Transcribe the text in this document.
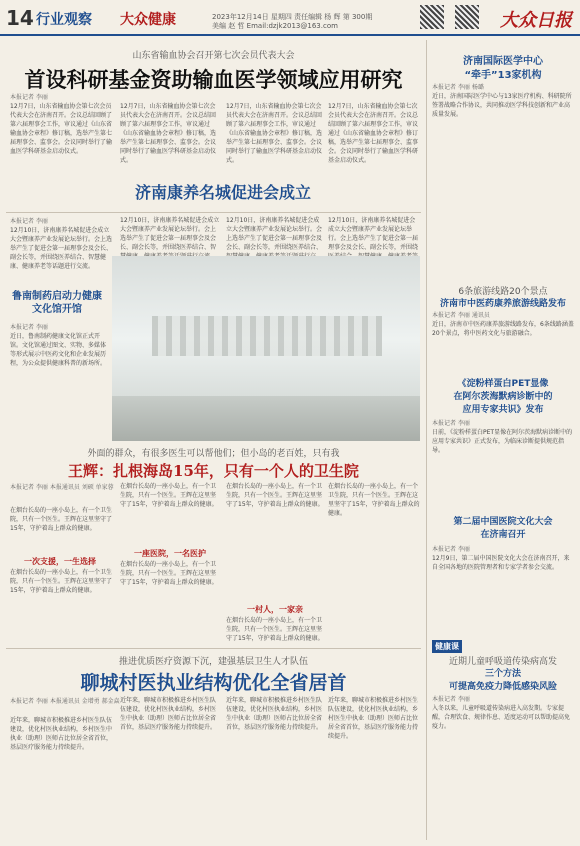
14 行业观察 大众健康	2023年12月14日 星期四 责任编辑 杨 辉 第 300期
美编 赵 哲 Email:dzjk2013@163.com	大众日报
山东省输血协会召开第七次会员代表大会
首设科研基金资助输血医学领域应用研究
本报记者 李丽
12月7日，山东省输血协会第七次会员代表大会在济南召开。会议总结回顾了第六届理事会工作，审议通过《山东省输血协会章程》修订稿，选举产生第七届理事会、监事会。会议同时举行了输血医学科研基金启动仪式。
12月7日，山东省输血协会第七次会员代表大会在济南召开。会议总结回顾了第六届理事会工作，审议通过《山东省输血协会章程》修订稿，选举产生第七届理事会、监事会。会议同时举行了输血医学科研基金启动仪式。
12月7日，山东省输血协会第七次会员代表大会在济南召开。会议总结回顾了第六届理事会工作，审议通过《山东省输血协会章程》修订稿，选举产生第七届理事会、监事会。会议同时举行了输血医学科研基金启动仪式。
12月7日，山东省输血协会第七次会员代表大会在济南召开。会议总结回顾了第六届理事会工作，审议通过《山东省输血协会章程》修订稿，选举产生第七届理事会、监事会。会议同时举行了输血医学科研基金启动仪式。
济南康养名城促进会成立
本报记者 李丽
12月10日，济南康养名城促进会成立大会暨康养产业发展论坛举行。会上选举产生了促进会第一届理事会及会长、副会长等，并围绕医养结合、智慧健康、健康养老等话题进行交流。
12月10日，济南康养名城促进会成立大会暨康养产业发展论坛举行。会上选举产生了促进会第一届理事会及会长、副会长等，并围绕医养结合、智
12月10日，济南康养名城促进会成立大会暨康养产业发展论坛举行。会上选举产生了促进会第一届理事会及会长、副会长等，并围绕医养结合、
12月10日，济南康养名城促进会成立大会暨康养产业发展论坛举行。会上选举产生了促进会第一届理事会及会长、副会长等，并围绕
鲁南制药启动力健康文化馆开馆
本报记者 李丽
近日，鲁南制药健康文化馆正式开馆。文化馆通过图文、实物、多媒体等形式展示中医药文化和企业发展历程，为公众提供健康科普的新场所。
外面的群众，有很多医生可以帮他们；但小岛的老百姓，只有我
王辉：扎根海岛15年，只有一个人的卫生院
本报记者 李丽 本报通讯员 刘硕 单家蓉
在烟台长岛的一座小岛上，有一个卫生院，只有一个医生。王辉在这里坚守了15年，守护着岛上群众的健康。
一次支援，一生选择
在烟台长岛的一座小岛上，有一个卫生院，只有一个医生。王辉在这里坚守了15年，守护着岛上群众的健康。
在烟台长岛的一座小岛上，有一个卫生院，只有一个医生。王辉在这里坚守了15年，守护着岛上群众的健康。
一座医院，一名医护
在烟台长岛的一座小岛上，有一个卫生院，只有一个医生。王辉在这里坚守了15年，守护着岛上群众的健康。
在烟台长岛的一座小岛上，有一个卫生院，只有一个医生。王辉在这里坚守了15年，守护着岛上群众的健康。
一村人，一家亲
在烟台长岛的一座小岛上，有一个卫生院，只有一个医生。王辉在这里坚守了15年，守护着岛上群众的健康。
在烟台长岛的一座小岛上，有一个卫生院，只有一个医生。王辉在这里坚守了15年，守护着岛上群众的健康。
推进优质医疗资源下沉，建强基层卫生人才队伍
聊城村医执业结构优化全省居首
本报记者 李丽 本报通讯员 金增勇 郝金焱
近年来，聊城市积极推进乡村医生队伍建设，优化村医执业结构，乡村医生中执业（助理）医师占比位居全省首位，基层医疗服务能力持续提升。
近年来，聊城市积极推进乡村医生队伍建设，优化村医执业结构，乡村医生中执业（助理）医师占比位居全省首位，基层医疗服务能力持续提升。
近年来，聊城市积极推进乡村医生队伍建设，优化村医执业结构，乡村医生中执业（助理）医师占比位居全省首位，基层医疗服务能力持续提升。
近年来，聊城市积极推进乡村医生队伍建设，优化村医执业结构，乡村医生中执业（助理）医师占比位居全省首位，基层医疗服务能力持续提升。
济南国际医学中心
“牵手”13家机构
本报记者 李丽 杨璐
近日，济南国际医学中心与13家医疗机构、科研院所签署战略合作协议，共同推动医学科技创新和产业高质量发展。
6条旅游线路20个景点
济南市中医药康养旅游线路发布
本报记者 李丽 通讯员
近日，济南市中医药康养旅游线路发布，6条线路涵盖20个景点，将中医药文化与旅游融合。
《淀粉样蛋白PET显像
在阿尔茨海默病诊断中的
应用专家共识》发布
本报记者 李丽
日前，《淀粉样蛋白PET显像在阿尔茨海默病诊断中的应用专家共识》正式发布，为临床诊断提供规范指导。
第二届中国医院文化大会
在济南召开
本报记者 李丽
12月9日，第二届中国医院文化大会在济南召开，来自全国各地的医院管理者和专家学者参会交流。
健康课
近期儿童呼吸道传染病高发
三个方法
可提高免疫力降低感染风险
本报记者 李丽
入冬以来，儿童呼吸道传染病进入高发期。专家提醒，合理饮食、规律作息、适度运动可以帮助提高免疫力。
